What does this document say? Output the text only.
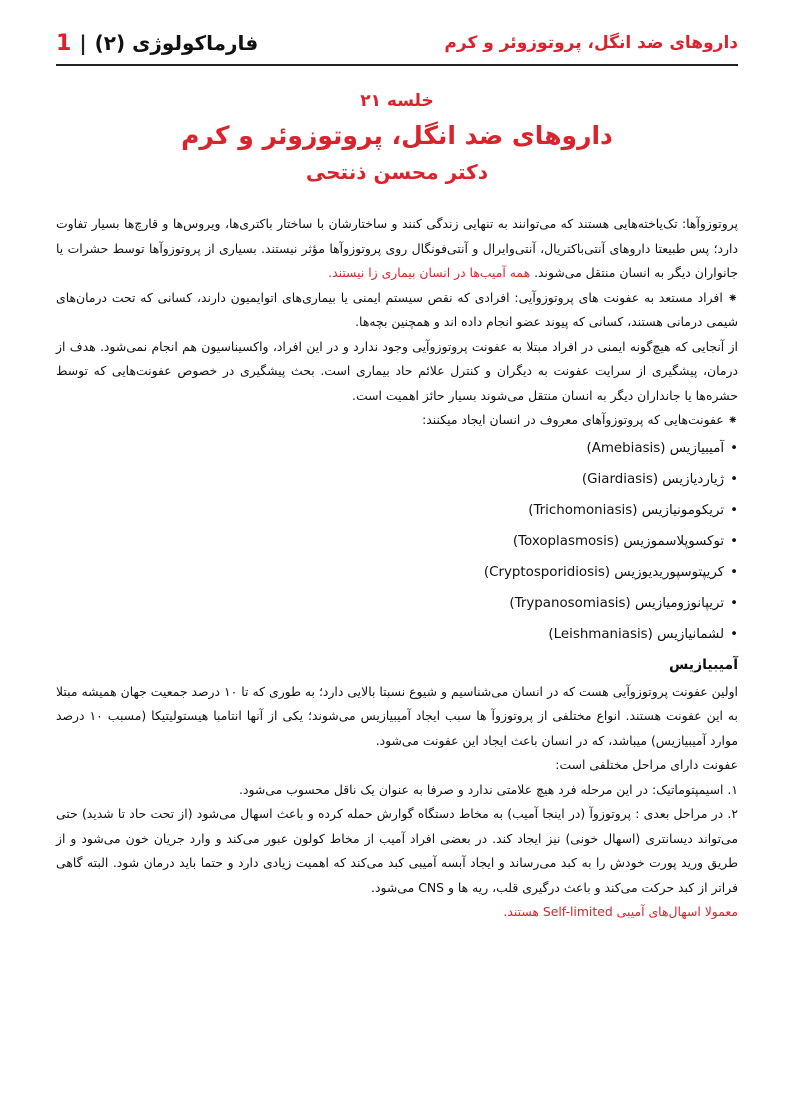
1 | فارماکولوژی (۲)	داروهای ضد انگل، پروتوزوئر و کرم

خلسه ۲۱

داروهای ضد انگل، پروتوزوئر و کرم

دکتر محسن ذنتحی

پروتوزوآها: تک‌یاخته‌هایی هستند که می‌توانند به تنهایی زندگی کنند و ساختارشان با ساختار باکتری‌ها، ویروس‌ها و قارچ‌ها بسیار تفاوت دارد؛ پس طبیعتا داروهای آنتی‌باکتریال، آنتی‌وایرال و آنتی‌فونگال روی پروتوزوآها مؤثر نیستند. بسیاری از پروتوزوآها توسط حشرات یا جانواران دیگر به انسان منتقل می‌شوند. همه آمیب‌ها در انسان بیماری زا نیستند.

⁕ افراد مستعد به عفونت های پروتوزوآیی: افرادی که نقص سیستم ایمنی یا بیماری‌های اتوایمیون دارند، کسانی که تحت درمان‌های شیمی درمانی هستند، کسانی که پیوند عضو انجام داده اند و همچنین بچه‌ها.

از آنجایی که هیچ‌گونه ایمنی در افراد مبتلا به عفونت پروتوزوآیی وجود ندارد و در این افراد، واکسیناسیون هم انجام نمی‌شود. هدف از درمان، پیشگیری از سرایت عفونت به دیگران و کنترل علائم حاد بیماری است. بحث پیشگیری در خصوص عفونت‌هایی که توسط حشره‌ها یا جانداران دیگر به انسان منتقل می‌شوند بسیار حائز اهمیت است.

⁕ عفونت‌هایی که پروتوزوآهای معروف در انسان ایجاد میکنند:

•آمیبیازیس (Amebiasis)
•ژیاردیازیس (Giardiasis)
•تریکومونیازیس (Trichomoniasis)
•توکسوپلاسموزیس (Toxoplasmosis)
•کریپتوسپوریدیوزیس (Cryptosporidiosis)
•تریپانوزومیازیس (Trypanosomiasis)
•لشمانیازیس (Leishmaniasis)

آمیبیازیس

اولین عفونت پروتوزوآیی هست که در انسان می‌شناسیم و شیوع نسبتا بالایی دارد؛ به طوری که تا ۱۰ درصد جمعیت جهان همیشه مبتلا به این عفونت هستند. انواع مختلفی از پروتوزوآ ها سبب ایجاد آمیبیازیس می‌شوند؛ یکی از آنها انتامبا هیستولیتیکا (مسبب ۱۰ درصد موارد آمیبیازیس) میباشد، که در انسان باعث ایجاد این عفونت می‌شود.

عفونت دارای مراحل مختلفی است:

۱. اسیمپتوماتیک: در این مرحله فرد هیچ علامتی ندارد و صرفا به عنوان یک ناقل محسوب می‌شود.

۲. در مراحل بعدی : پروتوزوآ (در اینجا آمیب) به مخاط دستگاه گوارش حمله کرده و باعث اسهال می‌شود (از تحت حاد تا شدید) حتی می‌تواند دیسانتری (اسهال خونی) نیز ایجاد کند. در بعضی افراد آمیب از مخاط کولون عبور می‌کند و وارد جریان خون می‌شود و از طریق ورید پورت خودش را به کبد می‌رساند و ایجاد آبسه آمیبی کبد می‌کند که اهمیت زیادی دارد و حتما باید درمان شود. البته گاهی فراتر از کبد حرکت می‌کند و باعث درگیری قلب، ریه ها و CNS می‌شود.

معمولا اسهال‌های آمیبی Self-limited هستند.
